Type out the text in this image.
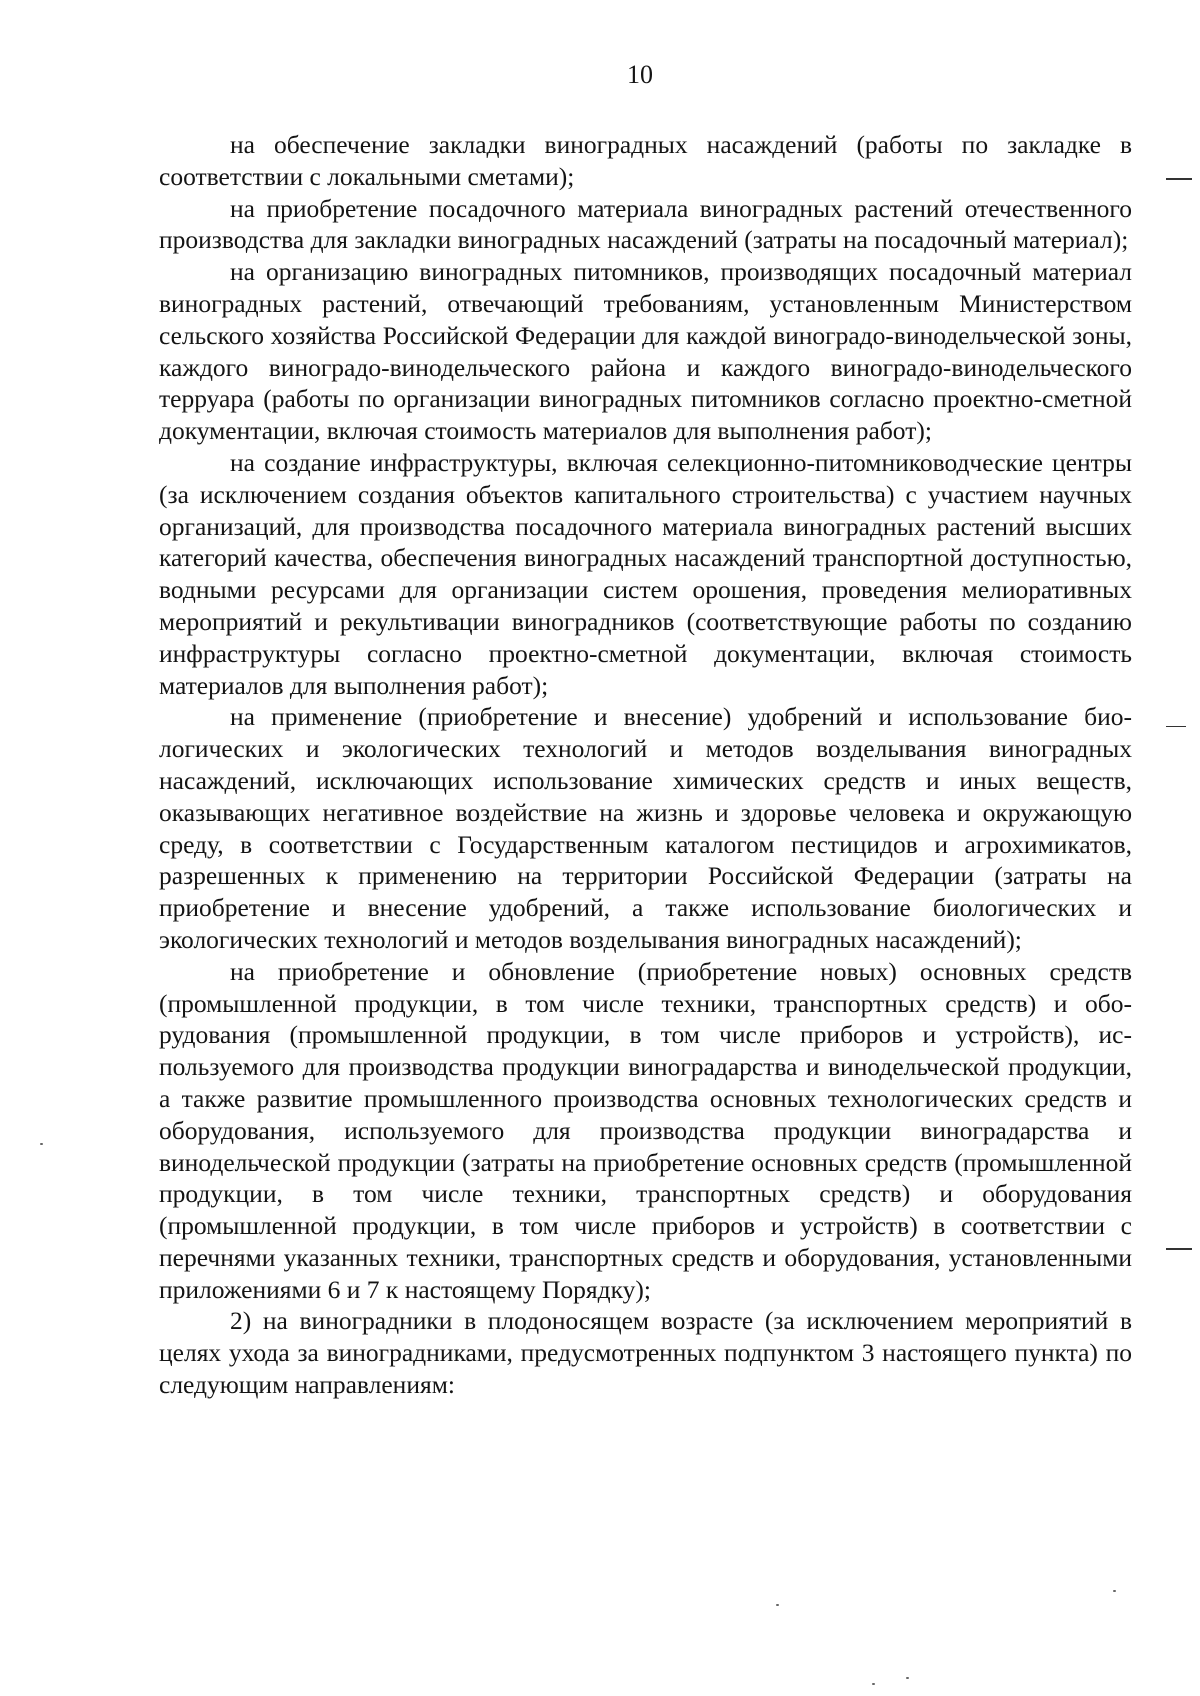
10

на обеспечение закладки виноградных насаждений (работы по закладке в соответствии с локальными сметами);

на приобретение посадочного материала виноградных растений отечественного производства для закладки виноградных насаждений (затраты на посадочный материал);

на организацию виноградных питомников, производящих посадочный материал виноградных растений, отвечающий требованиям, установленным Министерством сельского хозяйства Российской Федерации для каждой виноградо-винодельческой зоны, каждого виноградо-винодельческого района и каждого виноградо-винодельческого терруара (работы по организации виноградных питомников согласно проектно-сметной документации, включая стоимость материалов для выполнения работ);

на создание инфраструктуры, включая селекционно-питомниководческие центры (за исключением создания объектов капитального строительства) с участием научных организаций, для производства посадочного материала виноградных растений высших категорий качества, обеспечения виноградных насаждений транспортной доступностью, водными ресурсами для организации систем орошения, проведения мелиоративных мероприятий и рекультивации виноградников (соответствующие работы по созданию инфраструктуры согласно проектно-сметной документации, включая стоимость материалов для выполнения работ);

на применение (приобретение и внесение) удобрений и использование биологических и экологических технологий и методов возделывания виноградных насаждений, исключающих использование химических средств и иных веществ, оказывающих негативное воздействие на жизнь и здоровье человека и окружающую среду, в соответствии с Государственным каталогом пестицидов и агрохимикатов, разрешенных к применению на территории Российской Федерации (затраты на приобретение и внесение удобрений, а также использование биологических и экологических технологий и методов возделывания виноградных насаждений);

на приобретение и обновление (приобретение новых) основных средств (промышленной продукции, в том числе техники, транспортных средств) и оборудования (промышленной продукции, в том числе приборов и устройств), используемого для производства продукции виноградарства и винодельческой продукции, а также развитие промышленного производства основных технологических средств и оборудования, используемого для производства продукции виноградарства и винодельческой продукции (затраты на приобретение основных средств (промышленной продукции, в том числе техники, транспортных средств) и оборудования (промышленной продукции, в том числе приборов и устройств) в соответствии с перечнями указанных техники, транспортных средств и оборудования, установленными приложениями 6 и 7 к настоящему Порядку);

2) на виноградники в плодоносящем возрасте (за исключением мероприятий в целях ухода за виноградниками, предусмотренных подпунктом 3 настоящего пункта) по следующим направлениям:
